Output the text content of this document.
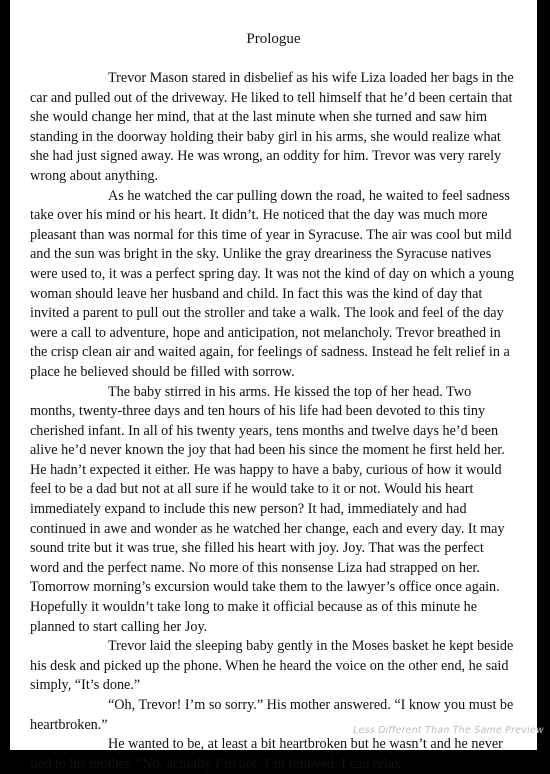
Prologue

Trevor Mason stared in disbelief as his wife Liza loaded her bags in the car and pulled out of the driveway. He liked to tell himself that he’d been certain that she would change her mind, that at the last minute when she turned and saw him standing in the doorway holding their baby girl in his arms, she would realize what she had just signed away. He was wrong, an oddity for him. Trevor was very rarely wrong about anything.

As he watched the car pulling down the road, he waited to feel sadness take over his mind or his heart. It didn’t. He noticed that the day was much more pleasant than was normal for this time of year in Syracuse. The air was cool but mild and the sun was bright in the sky. Unlike the gray dreariness the Syracuse natives were used to, it was a perfect spring day. It was not the kind of day on which a young woman should leave her husband and child. In fact this was the kind of day that invited a parent to pull out the stroller and take a walk. The look and feel of the day were a call to adventure, hope and anticipation, not melancholy. Trevor breathed in the crisp clean air and waited again, for feelings of sadness. Instead he felt relief in a place he believed should be filled with sorrow.

The baby stirred in his arms. He kissed the top of her head. Two months, twenty-three days and ten hours of his life had been devoted to this tiny cherished infant. In all of his twenty years, tens months and twelve days he’d been alive he’d never known the joy that had been his since the moment he first held her. He hadn’t expected it either. He was happy to have a baby, curious of how it would feel to be a dad but not at all sure if he would take to it or not. Would his heart immediately expand to include this new person? It had, immediately and had continued in awe and wonder as he watched her change, each and every day. It may sound trite but it was true, she filled his heart with joy. Joy. That was the perfect word and the perfect name. No more of this nonsense Liza had strapped on her. Tomorrow morning’s excursion would take them to the lawyer’s office once again. Hopefully it wouldn’t take long to make it official because as of this minute he planned to start calling her Joy.

Trevor laid the sleeping baby gently in the Moses basket he kept beside his desk and picked up the phone. When he heard the voice on the other end, he said simply, “It’s done.”

“Oh, Trevor! I’m so sorry.” His mother answered. “I know you must be heartbroken.”

He wanted to be, at least a bit heartbroken but he wasn’t and he never lied to his mother. “No, actually I’m not. I’m relieved. I can relax

Less Different Than The Same Preview
